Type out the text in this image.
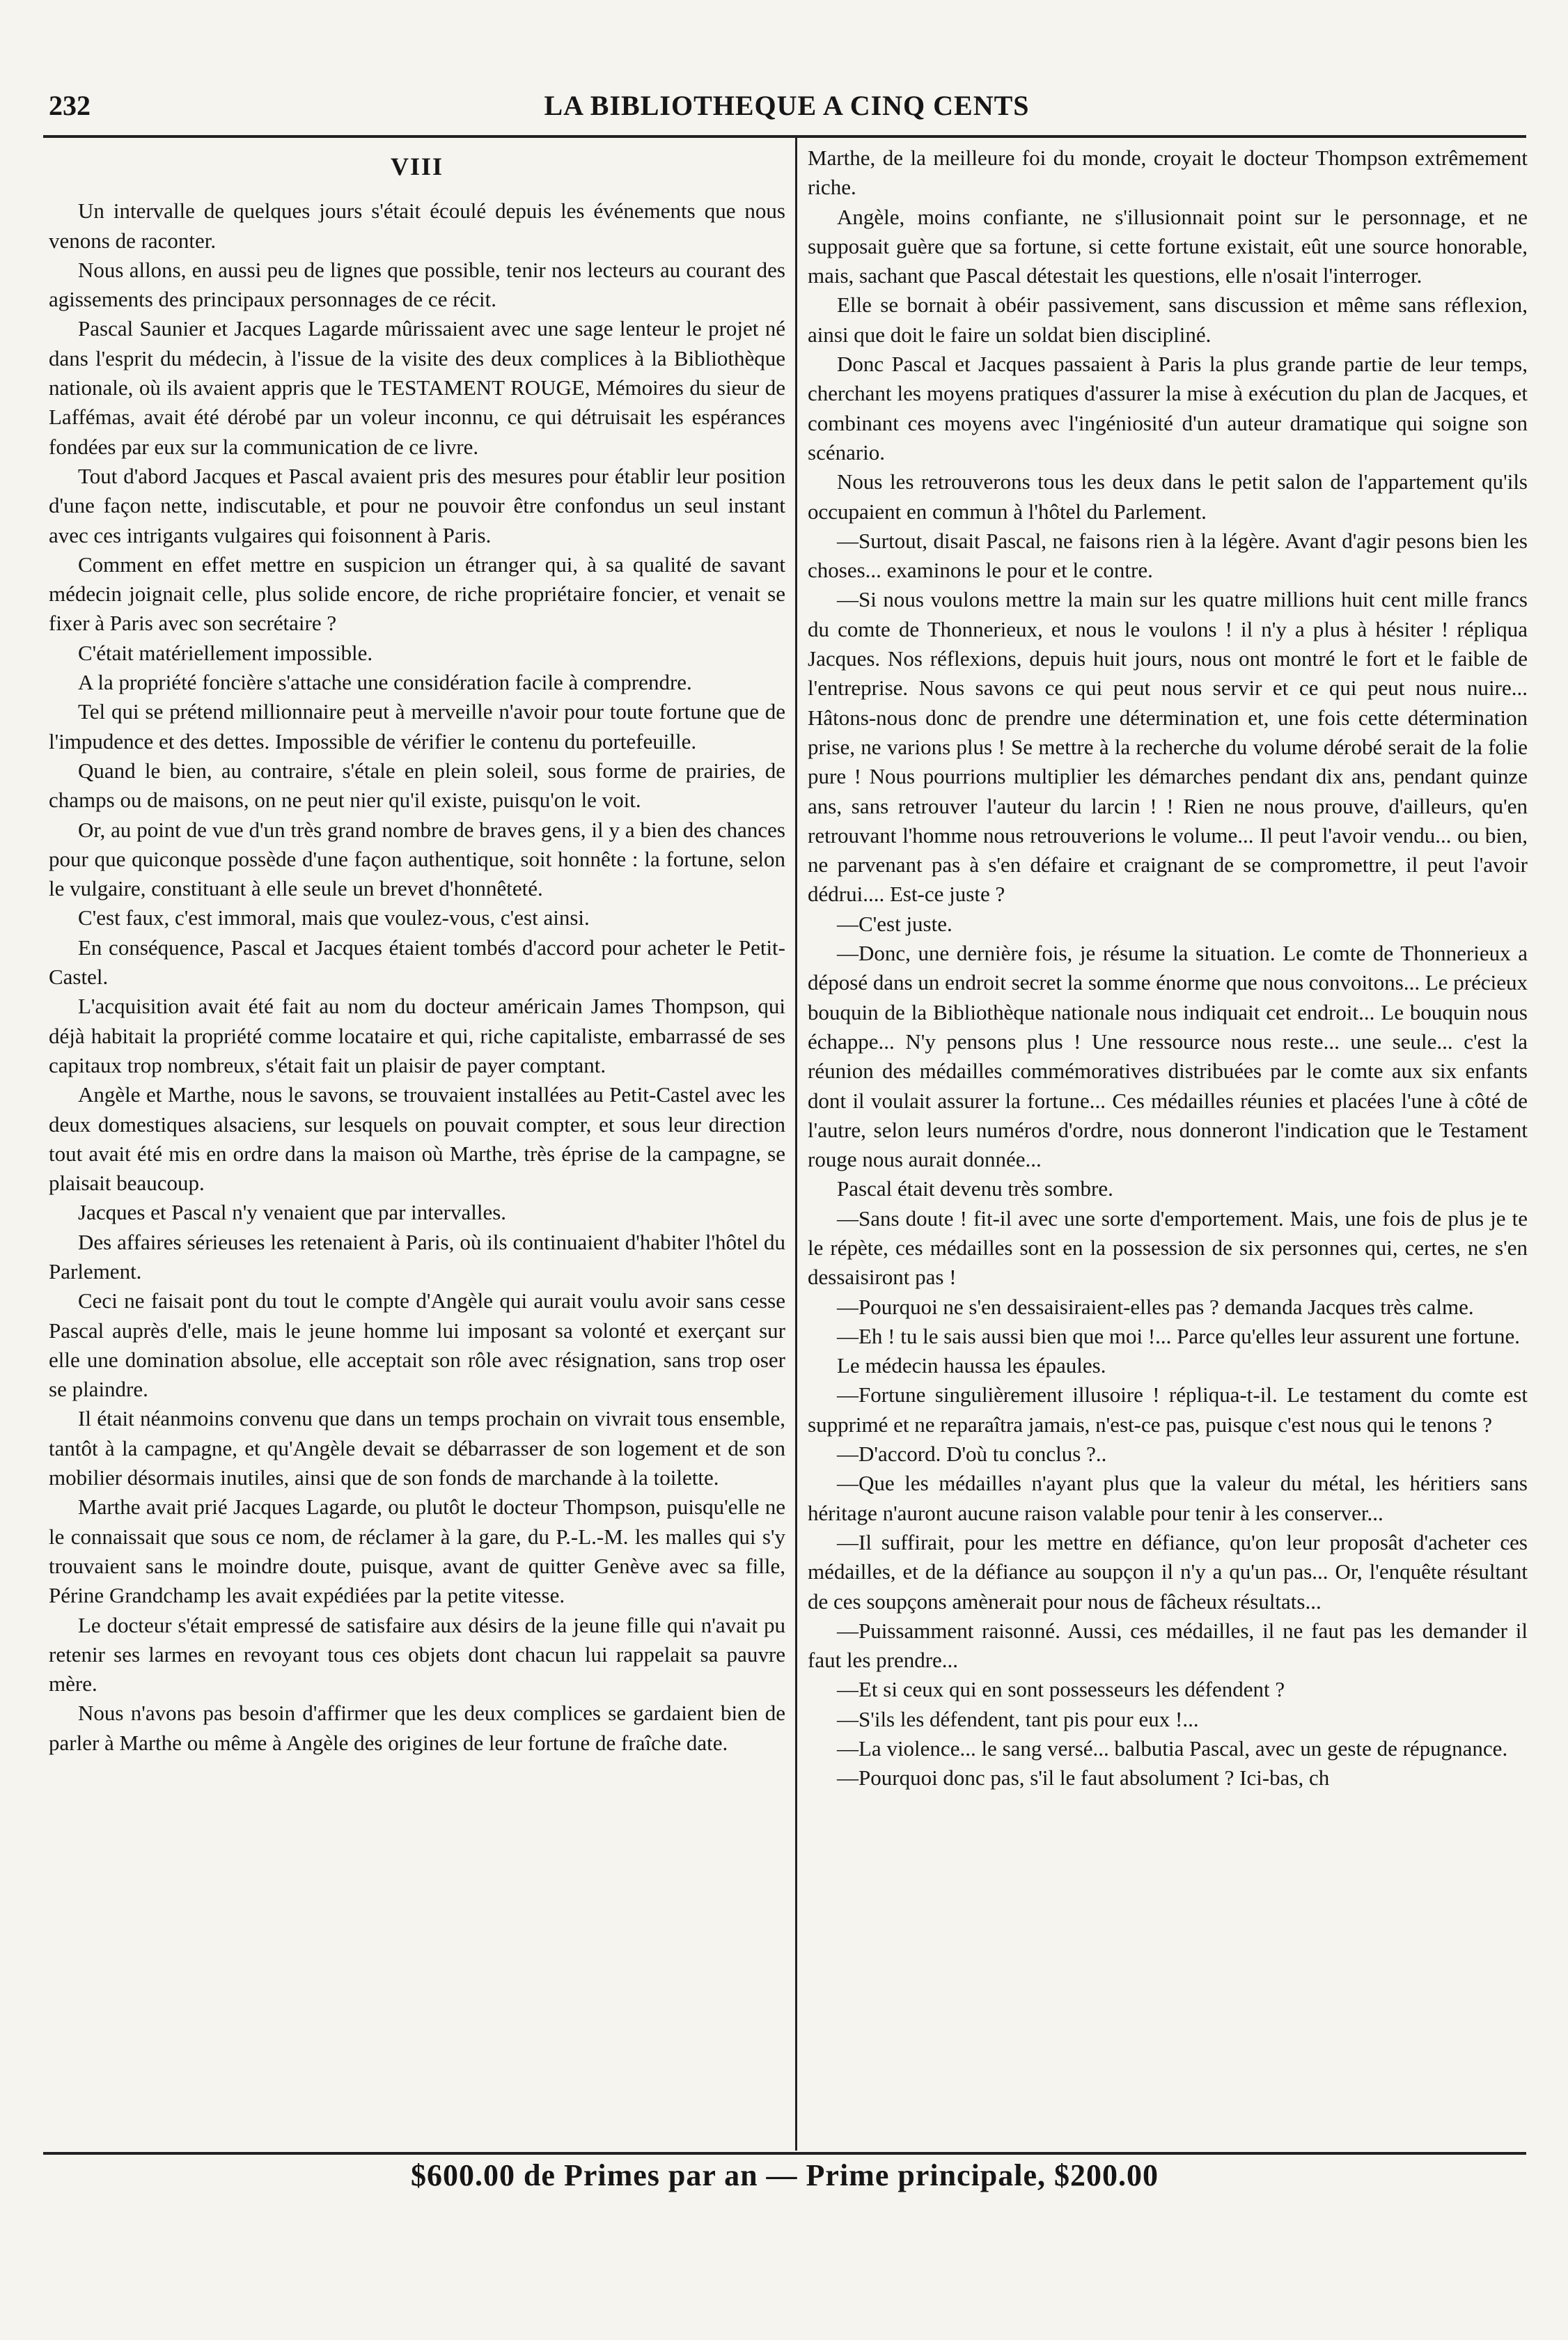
232	LA BIBLIOTHEQUE A CINQ CENTS
VIII

Un intervalle de quelques jours s'était écoulé depuis les événements que nous venons de raconter.

Nous allons, en aussi peu de lignes que possible, tenir nos lecteurs au courant des agissements des principaux personnages de ce récit.

Pascal Saunier et Jacques Lagarde mûrissaient avec une sage lenteur le projet né dans l'esprit du médecin, à l'issue de la visite des deux complices à la Bibliothèque nationale, où ils avaient appris que le TESTAMENT ROUGE, Mémoires du sieur de Laffémas, avait été dérobé par un voleur inconnu, ce qui détruisait les espérances fondées par eux sur la communication de ce livre.

Tout d'abord Jacques et Pascal avaient pris des mesures pour établir leur position d'une façon nette, indiscutable, et pour ne pouvoir être confondus un seul instant avec ces intrigants vulgaires qui foisonnent à Paris.

Comment en effet mettre en suspicion un étranger qui, à sa qualité de savant médecin joignait celle, plus solide encore, de riche propriétaire foncier, et venait se fixer à Paris avec son secrétaire ?

C'était matériellement impossible.

A la propriété foncière s'attache une considération facile à comprendre.

Tel qui se prétend millionnaire peut à merveille n'avoir pour toute fortune que de l'impudence et des dettes. Impossible de vérifier le contenu du portefeuille.

Quand le bien, au contraire, s'étale en plein soleil, sous forme de prairies, de champs ou de maisons, on ne peut nier qu'il existe, puisqu'on le voit.

Or, au point de vue d'un très grand nombre de braves gens, il y a bien des chances pour que quiconque possède d'une façon authentique, soit honnête : la fortune, selon le vulgaire, constituant à elle seule un brevet d'honnêteté.

C'est faux, c'est immoral, mais que voulez-vous, c'est ainsi.

En conséquence, Pascal et Jacques étaient tombés d'accord pour acheter le Petit-Castel.

L'acquisition avait été fait au nom du docteur américain James Thompson, qui déjà habitait la propriété comme locataire et qui, riche capitaliste, embarrassé de ses capitaux trop nombreux, s'était fait un plaisir de payer comptant.

Angèle et Marthe, nous le savons, se trouvaient installées au Petit-Castel avec les deux domestiques alsaciens, sur lesquels on pouvait compter, et sous leur direction tout avait été mis en ordre dans la maison où Marthe, très éprise de la campagne, se plaisait beaucoup.

Jacques et Pascal n'y venaient que par intervalles.

Des affaires sérieuses les retenaient à Paris, où ils continuaient d'habiter l'hôtel du Parlement.

Ceci ne faisait pont du tout le compte d'Angèle qui aurait voulu avoir sans cesse Pascal auprès d'elle, mais le jeune homme lui imposant sa volonté et exerçant sur elle une domination absolue, elle acceptait son rôle avec résignation, sans trop oser se plaindre.

Il était néanmoins convenu que dans un temps prochain on vivrait tous ensemble, tantôt à la campagne, et qu'Angèle devait se débarrasser de son logement et de son mobilier désormais inutiles, ainsi que de son fonds de marchande à la toilette.

Marthe avait prié Jacques Lagarde, ou plutôt le docteur Thompson, puisqu'elle ne le connaissait que sous ce nom, de réclamer à la gare, du P.-L.-M. les malles qui s'y trouvaient sans le moindre doute, puisque, avant de quitter Genève avec sa fille, Périne Grandchamp les avait expédiées par la petite vitesse.

Le docteur s'était empressé de satisfaire aux désirs de la jeune fille qui n'avait pu retenir ses larmes en revoyant tous ces objets dont chacun lui rappelait sa pauvre mère.

Nous n'avons pas besoin d'affirmer que les deux complices se gardaient bien de parler à Marthe ou même à Angèle des origines de leur fortune de fraîche date.

Marthe, de la meilleure foi du monde, croyait le docteur Thompson extrêmement riche.

Angèle, moins confiante, ne s'illusionnait point sur le personnage, et ne supposait guère que sa fortune, si cette fortune existait, eût une source honorable, mais, sachant que Pascal détestait les questions, elle n'osait l'interroger.

Elle se bornait à obéir passivement, sans discussion et même sans réflexion, ainsi que doit le faire un soldat bien discipliné.

Donc Pascal et Jacques passaient à Paris la plus grande partie de leur temps, cherchant les moyens pratiques d'assurer la mise à exécution du plan de Jacques, et combinant ces moyens avec l'ingéniosité d'un auteur dramatique qui soigne son scénario.

Nous les retrouverons tous les deux dans le petit salon de l'appartement qu'ils occupaient en commun à l'hôtel du Parlement.

—Surtout, disait Pascal, ne faisons rien à la légère. Avant d'agir pesons bien les choses... examinons le pour et le contre.

—Si nous voulons mettre la main sur les quatre millions huit cent mille francs du comte de Thonnerieux, et nous le voulons ! il n'y a plus à hésiter ! répliqua Jacques. Nos réflexions, depuis huit jours, nous ont montré le fort et le faible de l'entreprise. Nous savons ce qui peut nous servir et ce qui peut nous nuire... Hâtons-nous donc de prendre une détermination et, une fois cette détermination prise, ne varions plus ! Se mettre à la recherche du volume dérobé serait de la folie pure ! Nous pourrions multiplier les démarches pendant dix ans, pendant quinze ans, sans retrouver l'auteur du larcin ! ! Rien ne nous prouve, d'ailleurs, qu'en retrouvant l'homme nous retrouverions le volume... Il peut l'avoir vendu... ou bien, ne parvenant pas à s'en défaire et craignant de se compromettre, il peut l'avoir dédrui.... Est-ce juste ?

—C'est juste.

—Donc, une dernière fois, je résume la situation. Le comte de Thonnerieux a déposé dans un endroit secret la somme énorme que nous convoitons... Le précieux bouquin de la Bibliothèque nationale nous indiquait cet endroit... Le bouquin nous échappe... N'y pensons plus ! Une ressource nous reste... une seule... c'est la réunion des médailles commémoratives distribuées par le comte aux six enfants dont il voulait assurer la fortune... Ces médailles réunies et placées l'une à côté de l'autre, selon leurs numéros d'ordre, nous donneront l'indication que le Testament rouge nous aurait donnée...

Pascal était devenu très sombre.

—Sans doute ! fit-il avec une sorte d'emportement. Mais, une fois de plus je te le répète, ces médailles sont en la possession de six personnes qui, certes, ne s'en dessaisiront pas !

—Pourquoi ne s'en dessaisiraient-elles pas ? demanda Jacques très calme.

—Eh ! tu le sais aussi bien que moi !... Parce qu'elles leur assurent une fortune.

Le médecin haussa les épaules.

—Fortune singulièrement illusoire ! répliqua-t-il. Le testament du comte est supprimé et ne reparaîtra jamais, n'est-ce pas, puisque c'est nous qui le tenons ?

—D'accord. D'où tu conclus ?..

—Que les médailles n'ayant plus que la valeur du métal, les héritiers sans héritage n'auront aucune raison valable pour tenir à les conserver...

—Il suffirait, pour les mettre en défiance, qu'on leur proposât d'acheter ces médailles, et de la défiance au soupçon il n'y a qu'un pas... Or, l'enquête résultant de ces soupçons amènerait pour nous de fâcheux résultats...

—Puissamment raisonné. Aussi, ces médailles, il ne faut pas les demander il faut les prendre...

—Et si ceux qui en sont possesseurs les défendent ?

—S'ils les défendent, tant pis pour eux !...

—La violence... le sang versé... balbutia Pascal, avec un geste de répugnance.

—Pourquoi donc pas, s'il le faut absolument ? Ici-bas, ch

$600.00 de Primes par an — Prime principale, $200.00
